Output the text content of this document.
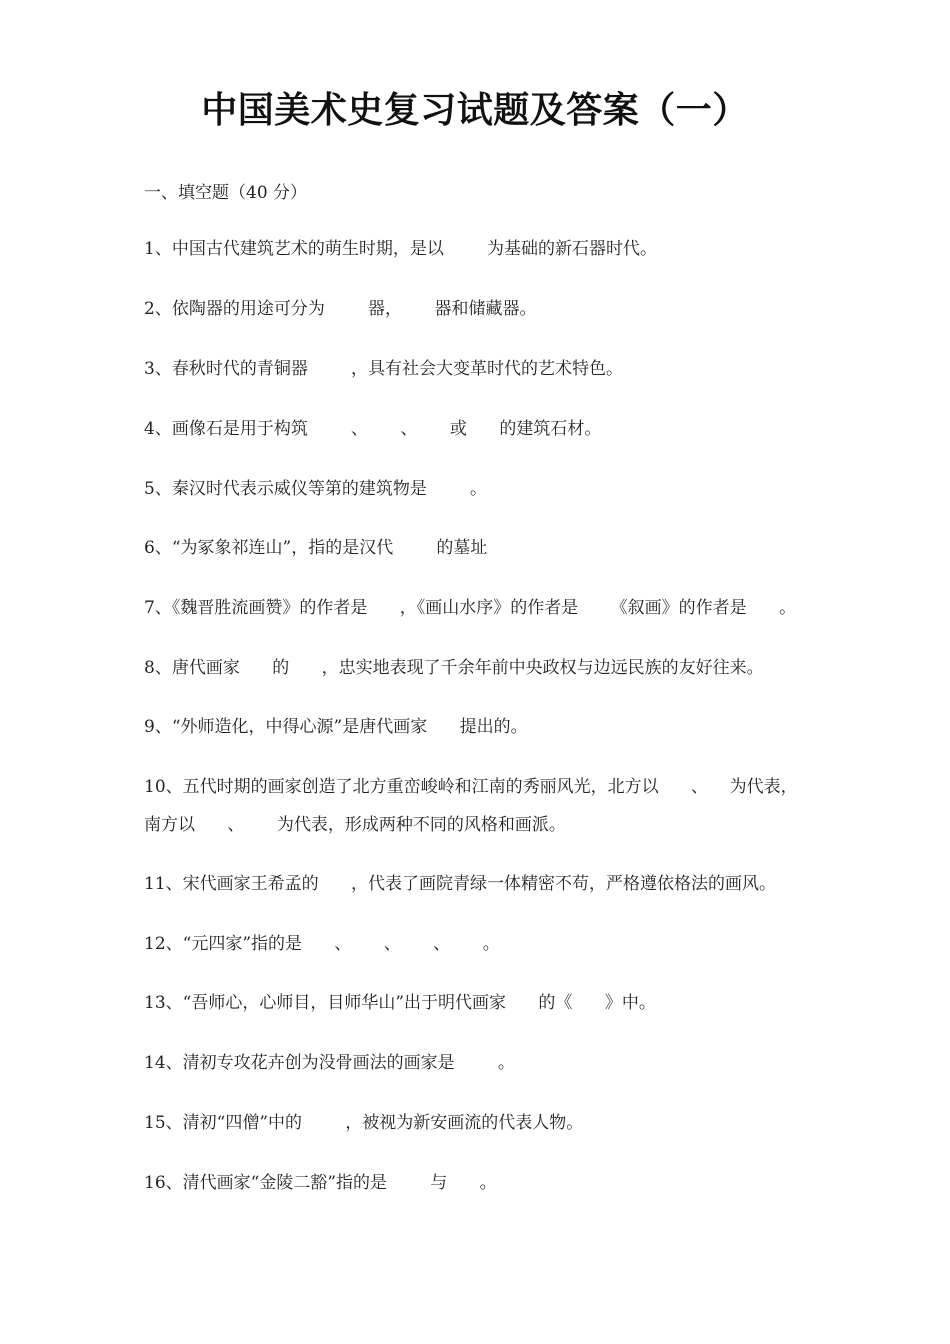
中国美术史复习试题及答案（一）
一、填空题（40 分）
1、中国古代建筑艺术的萌生时期，是以        为基础的新石器时代。
2、依陶器的用途可分为        器，      器和储藏器。
3、春秋时代的青铜器        ，具有社会大变革时代的艺术特色。
4、画像石是用于构筑        、      、      或      的建筑石材。
5、秦汉时代表示威仪等第的建筑物是        。
6、“为冢象祁连山”，指的是汉代        的墓址
7、《魏晋胜流画赞》的作者是      ，《画山水序》的作者是      《叙画》的作者是      。
8、唐代画家      的      ，忠实地表现了千余年前中央政权与边远民族的友好往来。
9、“外师造化，中得心源”是唐代画家      提出的。
10、五代时期的画家创造了北方重峦峻岭和江南的秀丽风光，北方以      、    为代表，南方以      、      为代表，形成两种不同的风格和画派。
11、宋代画家王希孟的      ，代表了画院青绿一体精密不苟，严格遵依格法的画风。
12、“元四家”指的是      、      、      、      。
13、“吾师心，心师目，目师华山”出于明代画家      的《      》中。
14、清初专攻花卉创为没骨画法的画家是        。
15、清初“四僧”中的        ，被视为新安画流的代表人物。
16、清代画家“金陵二豁”指的是        与      。
